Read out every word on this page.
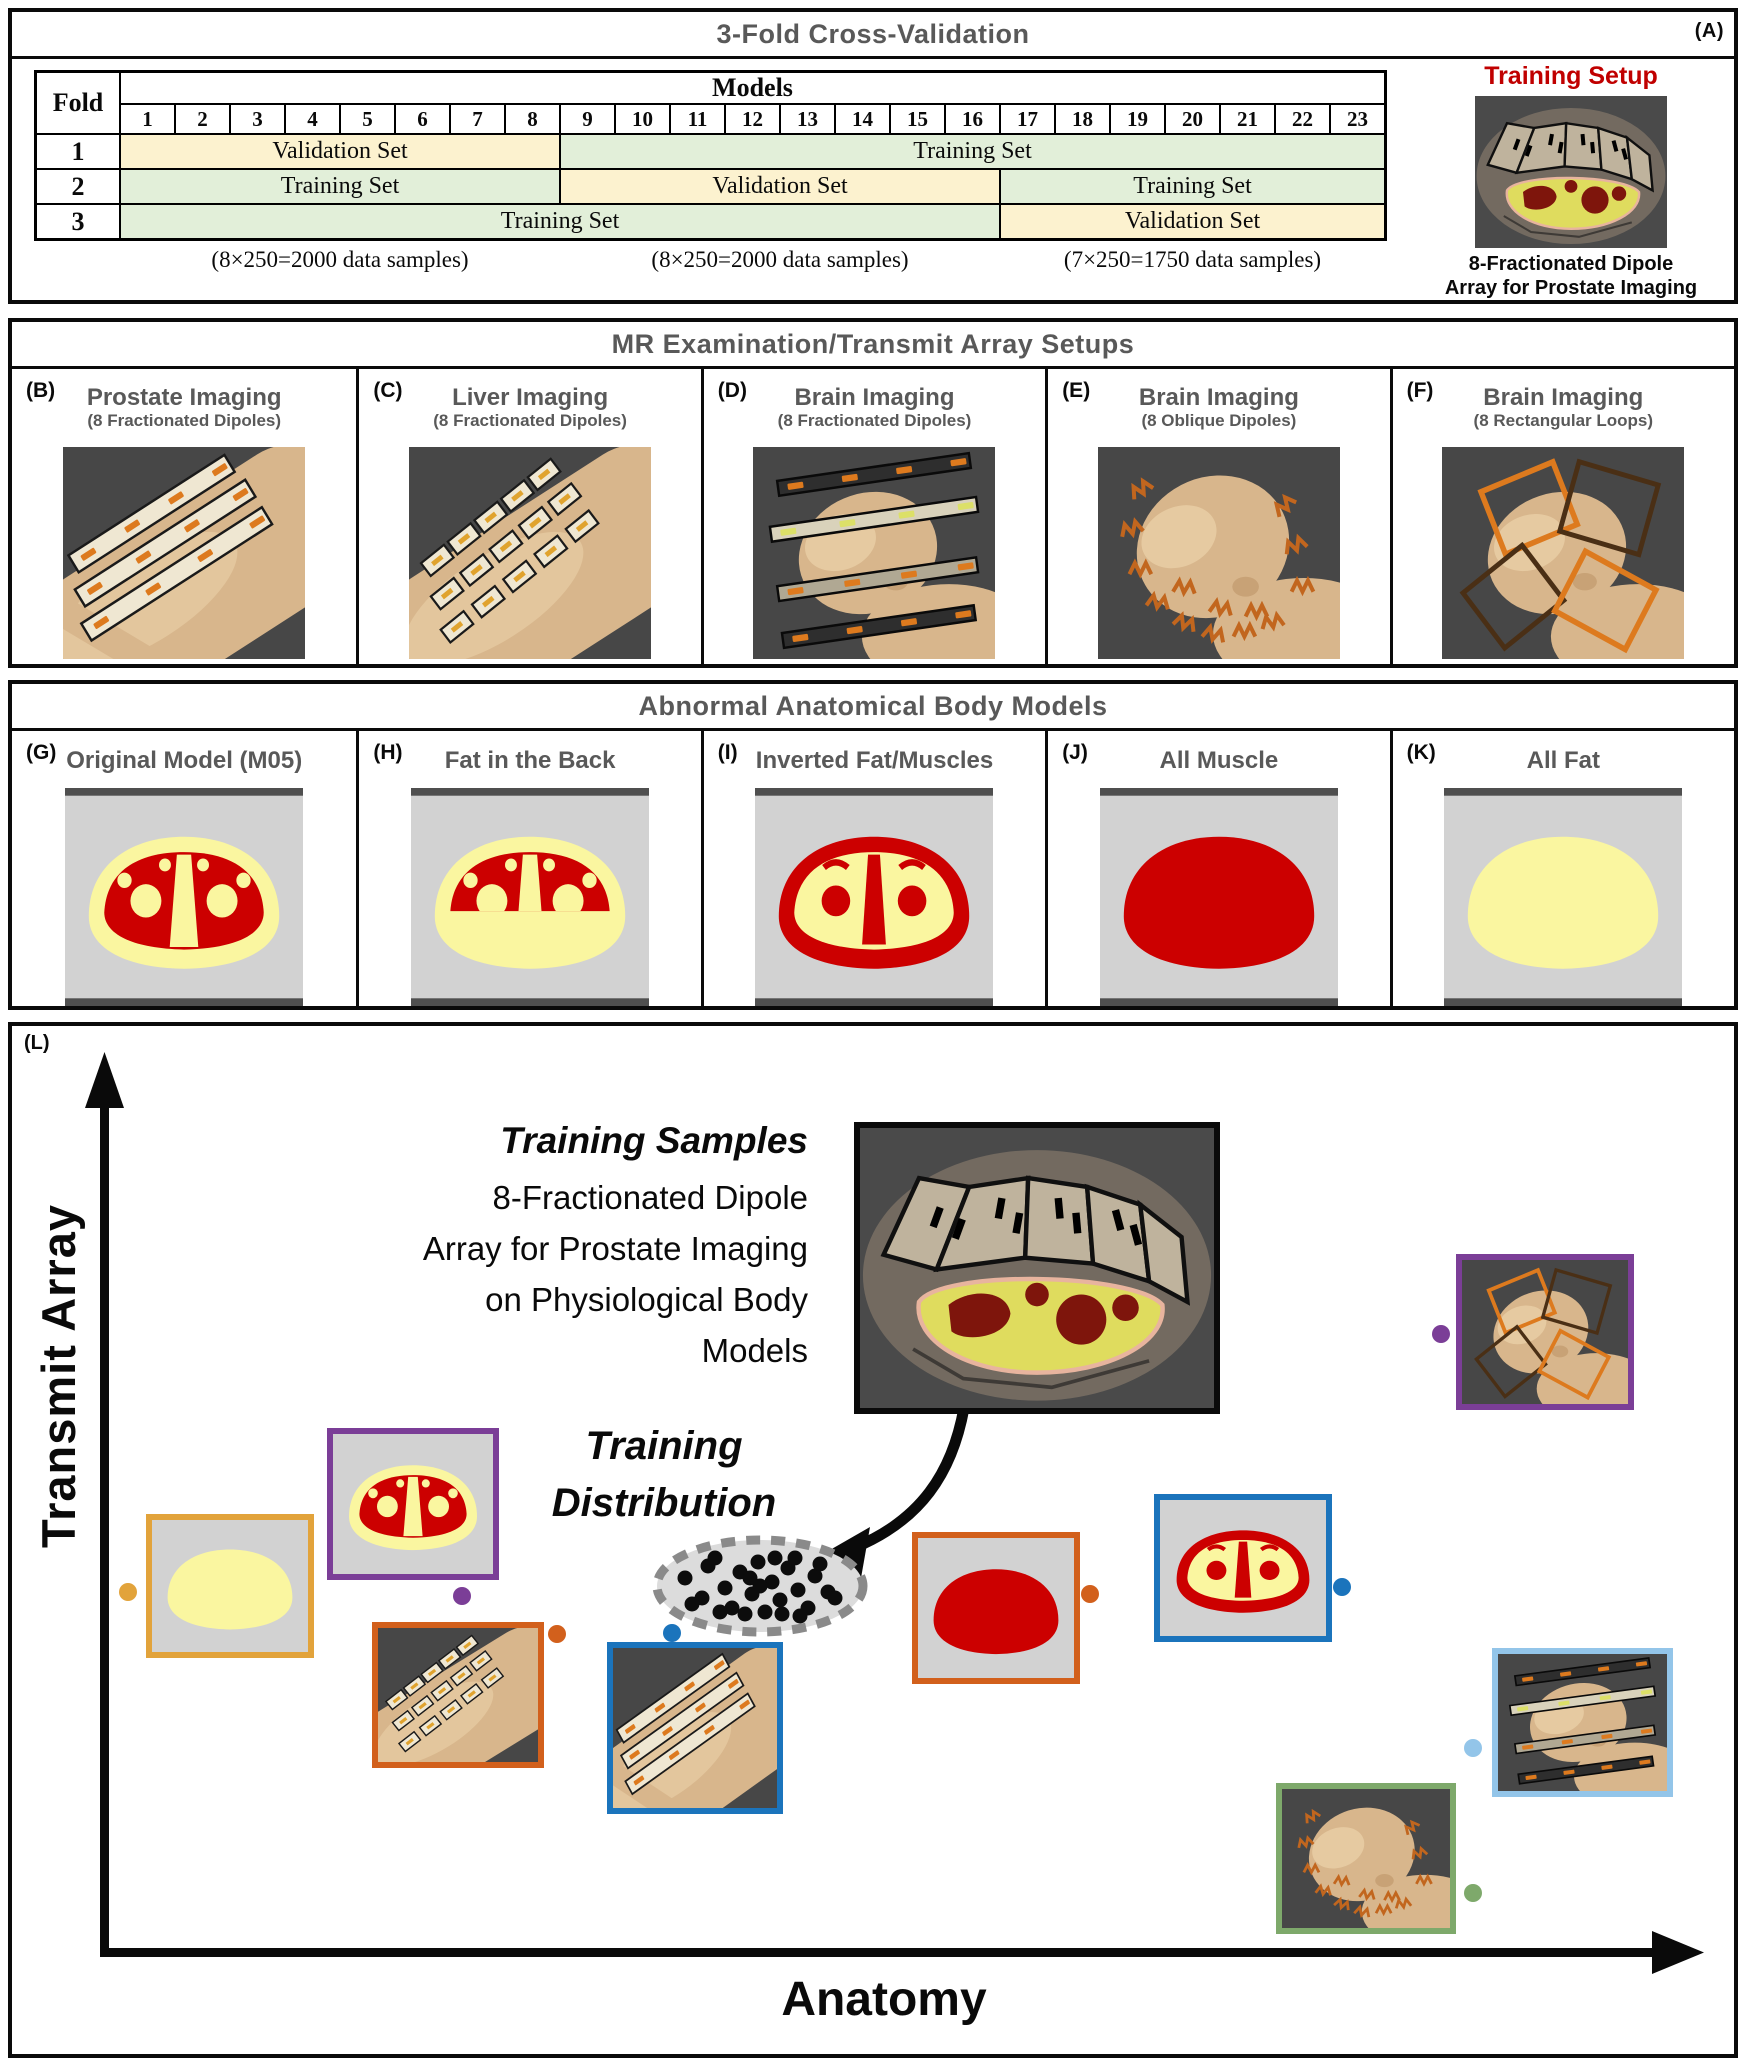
3-Fold Cross-Validation	(A)
Fold
Models
1	2	3	4	5	6	7	8	9	10	11	12	13	14	15	16	17	18	19	20	21	22	23
1	Validation Set	Training Set
2	Training Set	Validation Set	Training Set
3	Training Set	Validation Set
(8×250=2000 data samples)	(8×250=2000 data samples)	(7×250=1750 data samples)
Training Setup
8-Fractionated Dipole
Array for Prostate Imaging
MR Examination/Transmit Array Setups
(B) Prostate Imaging
(8 Fractionated Dipoles)
(C) Liver Imaging
(8 Fractionated Dipoles)
(D) Brain Imaging
(8 Fractionated Dipoles)
(E) Brain Imaging
(8 Oblique Dipoles)
(F) Brain Imaging
(8 Rectangular Loops)
Abnormal Anatomical Body Models
(G) Original Model (M05)	(H) Fat in the Back	(I) Inverted Fat/Muscles	(J)	All Muscle	(K)	All Fat
(L)
Transmit Array
Anatomy
Training Samples
8-Fractionated Dipole
Array for Prostate Imaging
on Physiological Body
Models
Training
Distribution
